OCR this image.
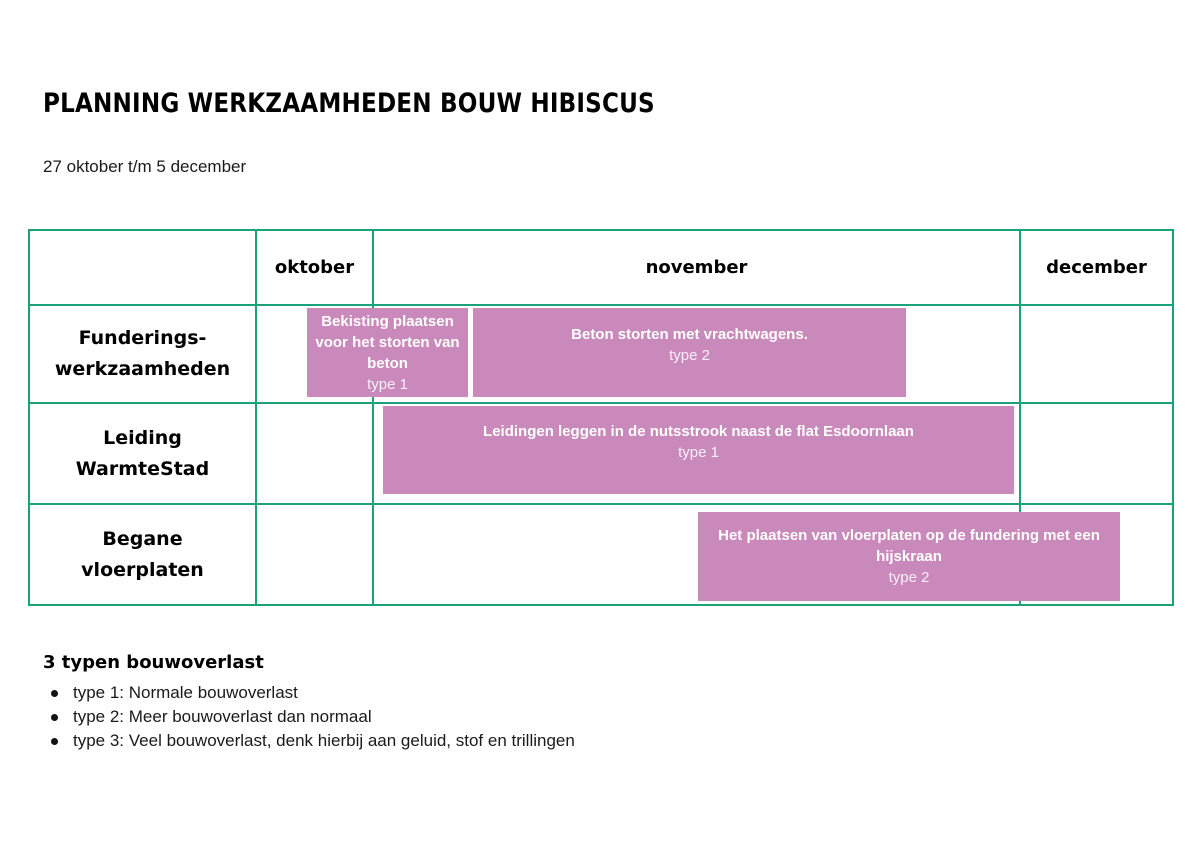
PLANNING WERKZAAMHEDEN BOUW HIBISCUS

27 oktober t/m 5 december

oktober	november	december
Funderings-
werkzaamheden
Leiding
WarmteStad
Begane
vloerplaten
Bekisting plaatsen voor het storten van beton
type 1
Beton storten met vrachtwagens.
type 2
Leidingen leggen in de nutsstrook naast de flat Esdoornlaan
type 1
Het plaatsen van vloerplaten op de fundering met een hijskraan
type 2
3 typen bouwoverlast
type 1: Normale bouwoverlast
type 2: Meer bouwoverlast dan normaal
type 3: Veel bouwoverlast, denk hierbij aan geluid, stof en trillingen
